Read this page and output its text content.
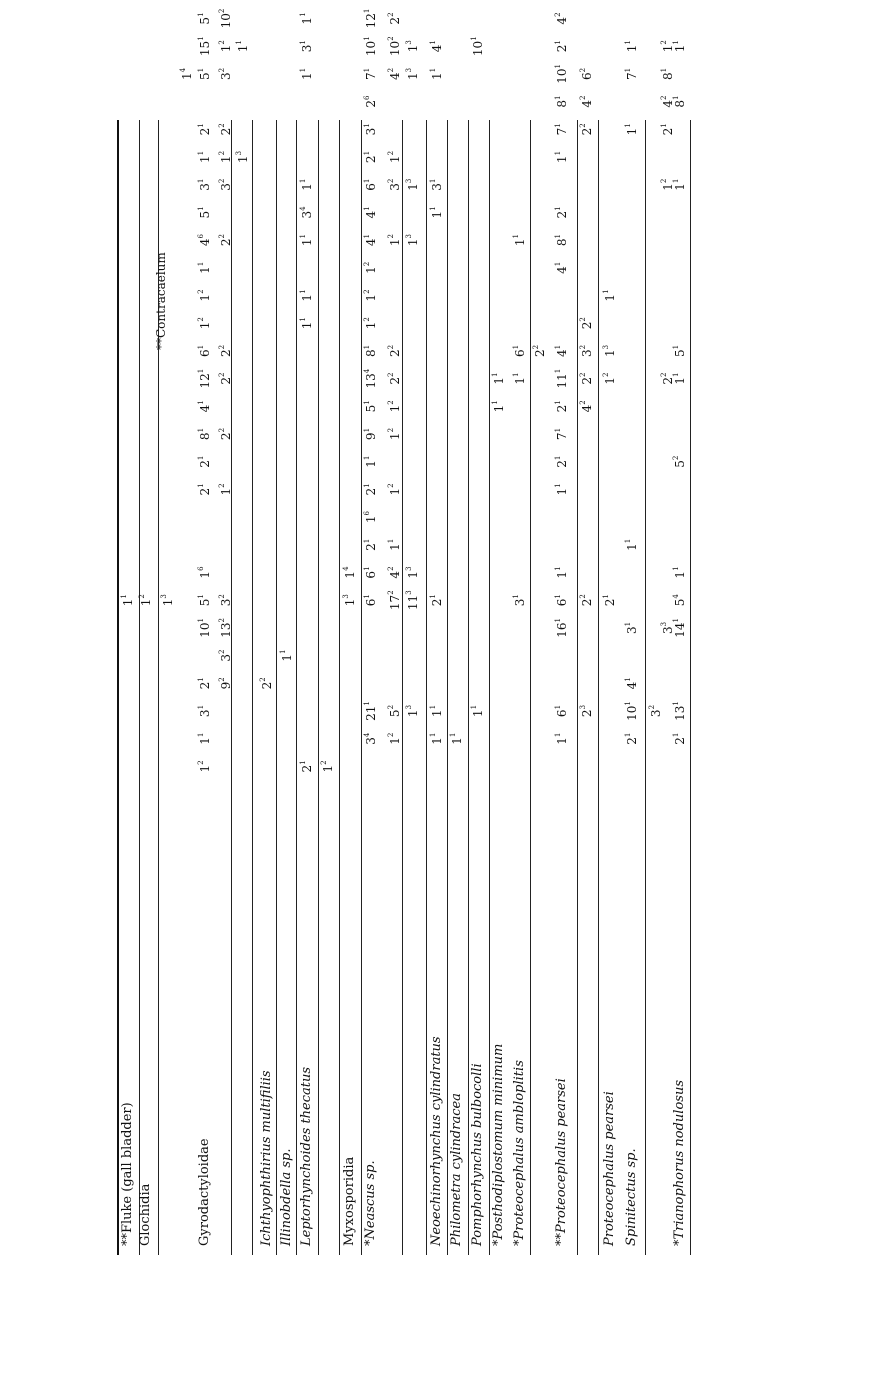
**Fluke (gall bladder)
$1^1$
Glochidia
$1^2$
**Contracaelum
$1^3$
$1^4$
Gyrodactyloidae
$1^2$
$1^1$
$3^1$
$2^1$
$10^1$
$5^1$
$1^6$
$2^1$
$2^1$
$8^1$
$4^1$
$12^1$
$6^1$
$1^2$
$1^2$
$1^1$
$4^6$
$5^1$
$3^1$
$1^1$
$2^1$
$5^1$
$15^1$
$5^1$
$9^2$
$3^2$
$13^2$
$3^2$
$1^2$
$2^2$
$2^2$
$2^2$
$2^2$
$3^2$
$1^2$
$2^2$
$3^2$
$1^2$
$10^2$
$1^3$
$1^1$
Ichthyophthirius multifiliis
$2^2$
Illinobdella sp.
$1^1$
Leptorhynchoides thecatus
$2^1$
$1^1$
$1^1$
$1^1$
$3^4$
$1^1$
$1^1$
$3^1$
$1^1$
$1^2$
Myxosporidia
$1^3$
$1^4$
*Neascus sp.
$3^4$
$21^1$
$6^1$
$6^1$
$2^1$
$1^6$
$2^1$
$1^1$
$9^1$
$5^1$
$13^4$
$8^1$
$1^2$
$1^2$
$1^2$
$4^1$
$4^1$
$6^1$
$2^1$
$3^1$
$2^6$
$7^1$
$10^1$
$12^1$
$1^2$
$5^2$
$17^2$
$4^2$
$1^1$
$1^2$
$1^2$
$1^2$
$2^2$
$2^2$
$1^2$
$3^2$
$1^2$
$4^2$
$10^2$
$2^2$
$1^3$
$11^3$
$1^3$
$1^3$
$1^3$
$1^3$
$1^3$
Neoechinorhynchus cylindratus
$1^1$
$1^1$
$2^1$
$1^1$
$3^1$
$1^1$
$4^1$
Philometra cylindracea
$1^1$
Pomphorhynchus bulbocolli
$1^1$
$10^1$
*Posthodiplostomum minimum
$1^1$
$1^1$
*Proteocephalus ambloplitis
$3^1$
$1^1$
$6^1$
$1^1$
$2^2$
**Proteocephalus pearsei
$1^1$
$6^1$
$16^1$
$6^1$
$1^1$
$1^1$
$2^1$
$7^1$
$2^1$
$11^1$
$4^1$
$4^1$
$8^1$
$2^1$
$1^1$
$7^1$
$8^1$
$10^1$
$2^1$
$4^2$
$2^3$
$2^2$
$4^2$
$2^2$
$3^2$
$2^2$
$2^2$
$4^2$
$6^2$
Proteocephalus pearsei
$2^1$
$1^2$
$1^3$
$1^1$
Spinitectus sp.
$2^1$
$10^1$
$4^1$
$3^1$
$1^1$
$1^1$
$7^1$
$1^1$
$3^2$
*Trianophorus nodulosus
$2^1$
$13^1$
$14^1$
$5^4$
$1^1$
$5^2$
$1^1$
$5^1$
$1^1$
$8^1$
$1^1$
$3^3$
$2^2$
$1^2$
$2^1$
$4^2$
$8^1$
$1^2$
